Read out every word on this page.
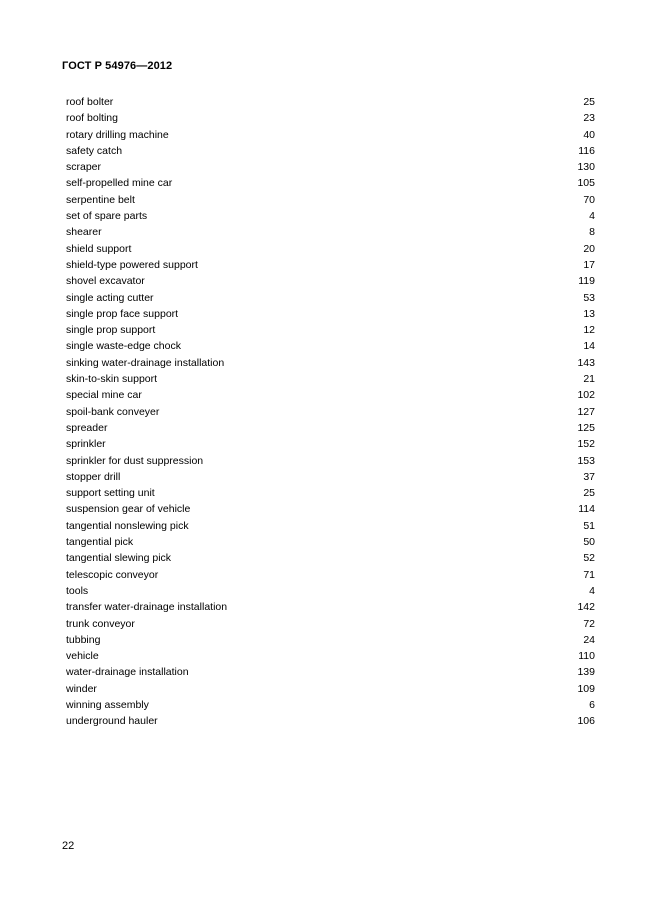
ГОСТ Р 54976—2012
roof bolter	25
roof bolting	23
rotary drilling machine	40
safety catch	116
scraper	130
self-propelled mine car	105
serpentine belt	70
set of spare parts	4
shearer	8
shield support	20
shield-type powered support	17
shovel excavator	119
single acting cutter	53
single prop face support	13
single prop support	12
single waste-edge chock	14
sinking water-drainage installation	143
skin-to-skin support	21
special mine car	102
spoil-bank conveyer	127
spreader	125
sprinkler	152
sprinkler for dust suppression	153
stopper drill	37
support setting unit	25
suspension gear of vehicle	114
tangential nonslewing pick	51
tangential pick	50
tangential slewing pick	52
telescopic conveyor	71
tools	4
transfer water-drainage installation	142
trunk conveyor	72
tubbing	24
vehicle	110
water-drainage installation	139
winder	109
winning assembly	6
underground hauler	106
22
